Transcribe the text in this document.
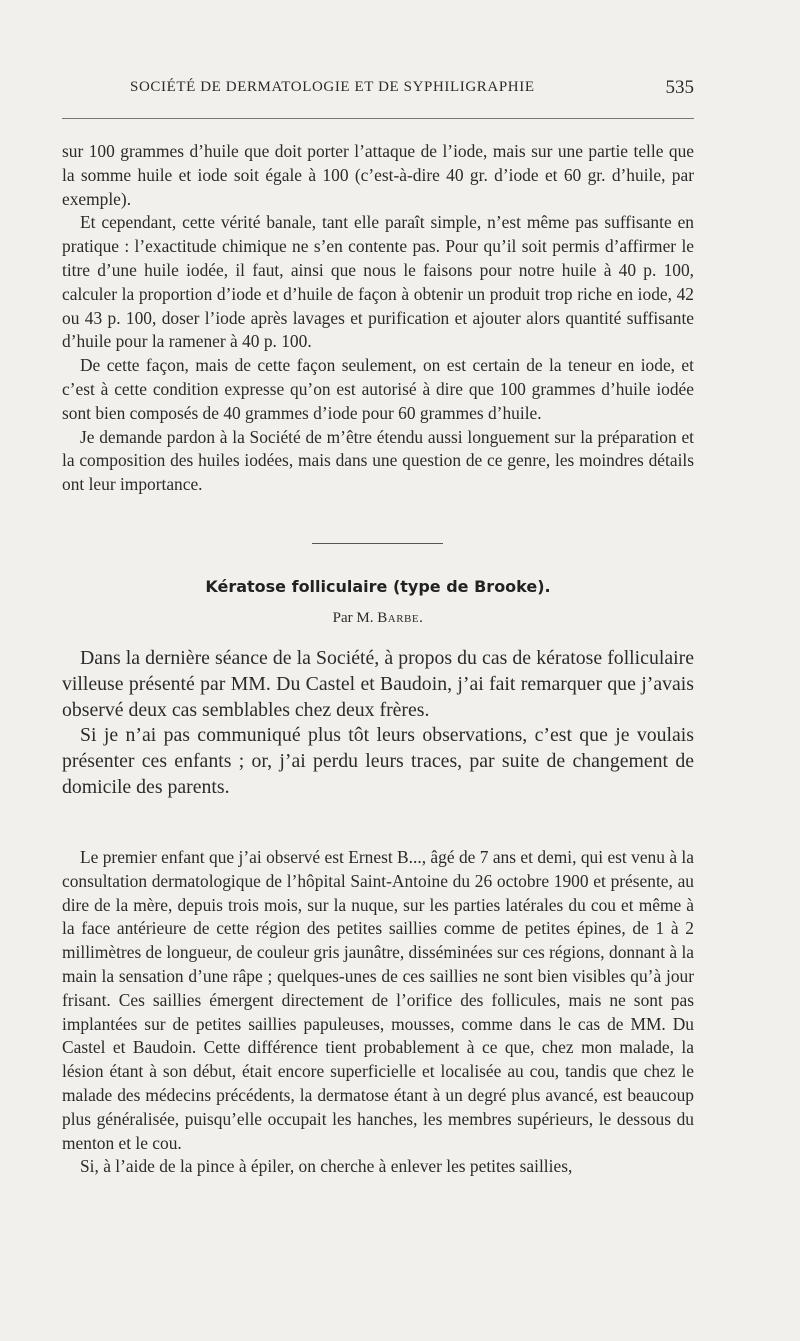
SOCIÉTÉ DE DERMATOLOGIE ET DE SYPHILIGRAPHIE	535

sur 100 grammes d’huile que doit porter l’attaque de l’iode, mais sur une partie telle que la somme huile et iode soit égale à 100 (c’est-à-dire 40 gr. d’iode et 60 gr. d’huile, par exemple).

Et cependant, cette vérité banale, tant elle paraît simple, n’est même pas suffisante en pratique : l’exactitude chimique ne s’en contente pas. Pour qu’il soit permis d’affirmer le titre d’une huile iodée, il faut, ainsi que nous le faisons pour notre huile à 40 p. 100, calculer la proportion d’iode et d’huile de façon à obtenir un produit trop riche en iode, 42 ou 43 p. 100, doser l’iode après lavages et purification et ajouter alors quantité suffisante d’huile pour la ramener à 40 p. 100.

De cette façon, mais de cette façon seulement, on est certain de la teneur en iode, et c’est à cette condition expresse qu’on est autorisé à dire que 100 grammes d’huile iodée sont bien composés de 40 grammes d’iode pour 60 grammes d’huile.

Je demande pardon à la Société de m’être étendu aussi longuement sur la préparation et la composition des huiles iodées, mais dans une question de ce genre, les moindres détails ont leur importance.

Kératose folliculaire (type de Brooke).
Par M. Barbe.

Dans la dernière séance de la Société, à propos du cas de kératose folliculaire villeuse présenté par MM. Du Castel et Baudoin, j’ai fait remarquer que j’avais observé deux cas semblables chez deux frères.

Si je n’ai pas communiqué plus tôt leurs observations, c’est que je voulais présenter ces enfants ; or, j’ai perdu leurs traces, par suite de changement de domicile des parents.

Le premier enfant que j’ai observé est Ernest B..., âgé de 7 ans et demi, qui est venu à la consultation dermatologique de l’hôpital Saint-Antoine du 26 octobre 1900 et présente, au dire de la mère, depuis trois mois, sur la nuque, sur les parties latérales du cou et même à la face antérieure de cette région des petites saillies comme de petites épines, de 1 à 2 millimètres de longueur, de couleur gris jaunâtre, disséminées sur ces régions, donnant à la main la sensation d’une râpe ; quelques-unes de ces saillies ne sont bien visibles qu’à jour frisant. Ces saillies émergent directement de l’orifice des follicules, mais ne sont pas implantées sur de petites saillies papuleuses, mousses, comme dans le cas de MM. Du Castel et Baudoin. Cette différence tient probablement à ce que, chez mon malade, la lésion étant à son début, était encore superficielle et localisée au cou, tandis que chez le malade des médecins précédents, la dermatose étant à un degré plus avancé, est beaucoup plus généralisée, puisqu’elle occupait les hanches, les membres supérieurs, le dessous du menton et le cou.

Si, à l’aide de la pince à épiler, on cherche à enlever les petites saillies,
